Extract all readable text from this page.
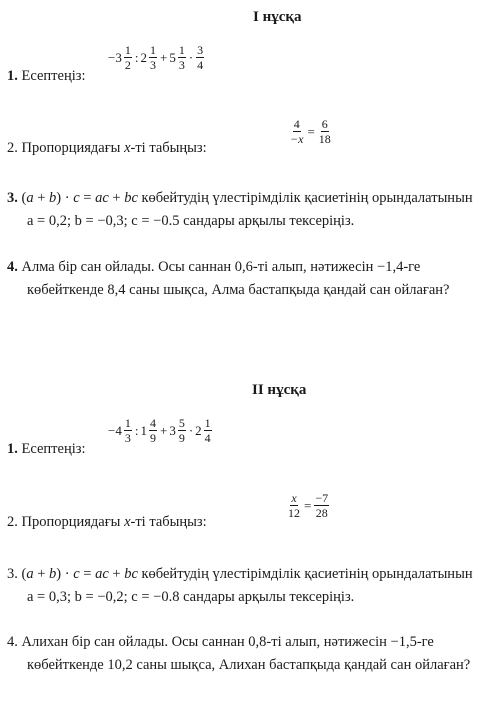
I нұсқа
1. Есептеңіз:
$-3 \frac{1}{2}$ : $2 \frac{1}{3} + 5 \frac{1}{3} \cdot \frac{3}{4}$
2. Пропорциядағы x-ті табыңыз:
$\frac{4}{-x} = \frac{6}{18}$
3. (a + b) · c = ac + bc көбейтудің үлестірімділік қасиетінің орындалатынын
a = 0,2; b = −0,3; c = −0.5 сандары арқылы тексеріңіз.
4. Алма бір сан ойлады. Осы саннан 0,6-ті алып, нәтижесін −1,4-ге
көбейткенде 8,4 саны шықса, Алма бастапқыда қандай сан ойлаған?
II нұсқа
1. Есептеңіз:
$-4 \frac{1}{3}$ : $1 \frac{4}{9} + 3 \frac{5}{9} \cdot 2 \frac{1}{4}$
2. Пропорциядағы x-ті табыңыз:
$\frac{x}{12} = \frac{-7}{28}$
3. (a + b) · c = ac + bc көбейтудің үлестірімділік қасиетінің орындалатынын
a = 0,3; b = −0,2; c = −0.8 сандары арқылы тексеріңіз.
4. Алихан бір сан ойлады. Осы саннан 0,8-ті алып, нәтижесін −1,5-ге
көбейткенде 10,2 саны шықса, Алихан бастапқыда қандай сан ойлаған?
